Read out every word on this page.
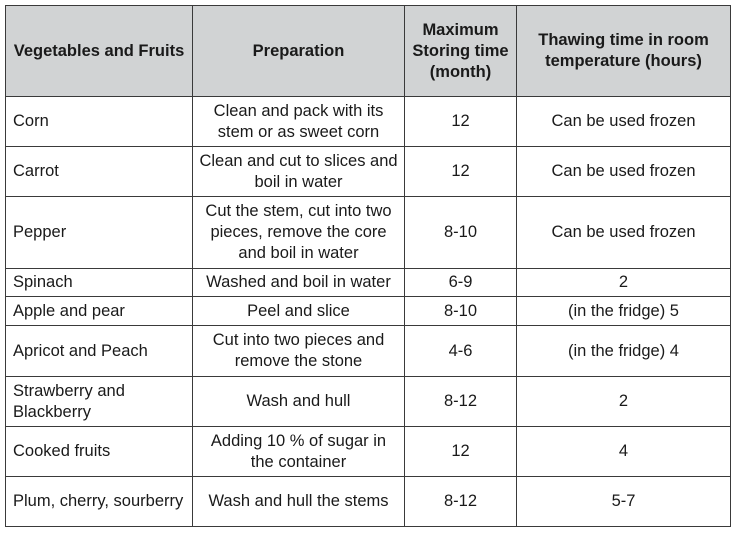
Vegetables and Fruits	Preparation	Maximum Storing time (month)	Thawing time in room temperature (hours)
Corn	Clean and pack with its stem or as sweet corn	12	Can be used frozen
Carrot	Clean and cut to slices and boil in water	12	Can be used frozen
Pepper	Cut the stem, cut into two pieces, remove the core and boil in water	8-10	Can be used frozen
Spinach	Washed and boil in water	6-9	2
Apple and pear	Peel and slice	8-10	(in the fridge) 5
Apricot and Peach	Cut into two pieces and remove the stone	4-6	(in the fridge) 4
Strawberry and Blackberry	Wash and hull	8-12	2
Cooked fruits	Adding 10 % of sugar in the container	12	4
Plum, cherry, sourberry	Wash and hull the stems	8-12	5-7
